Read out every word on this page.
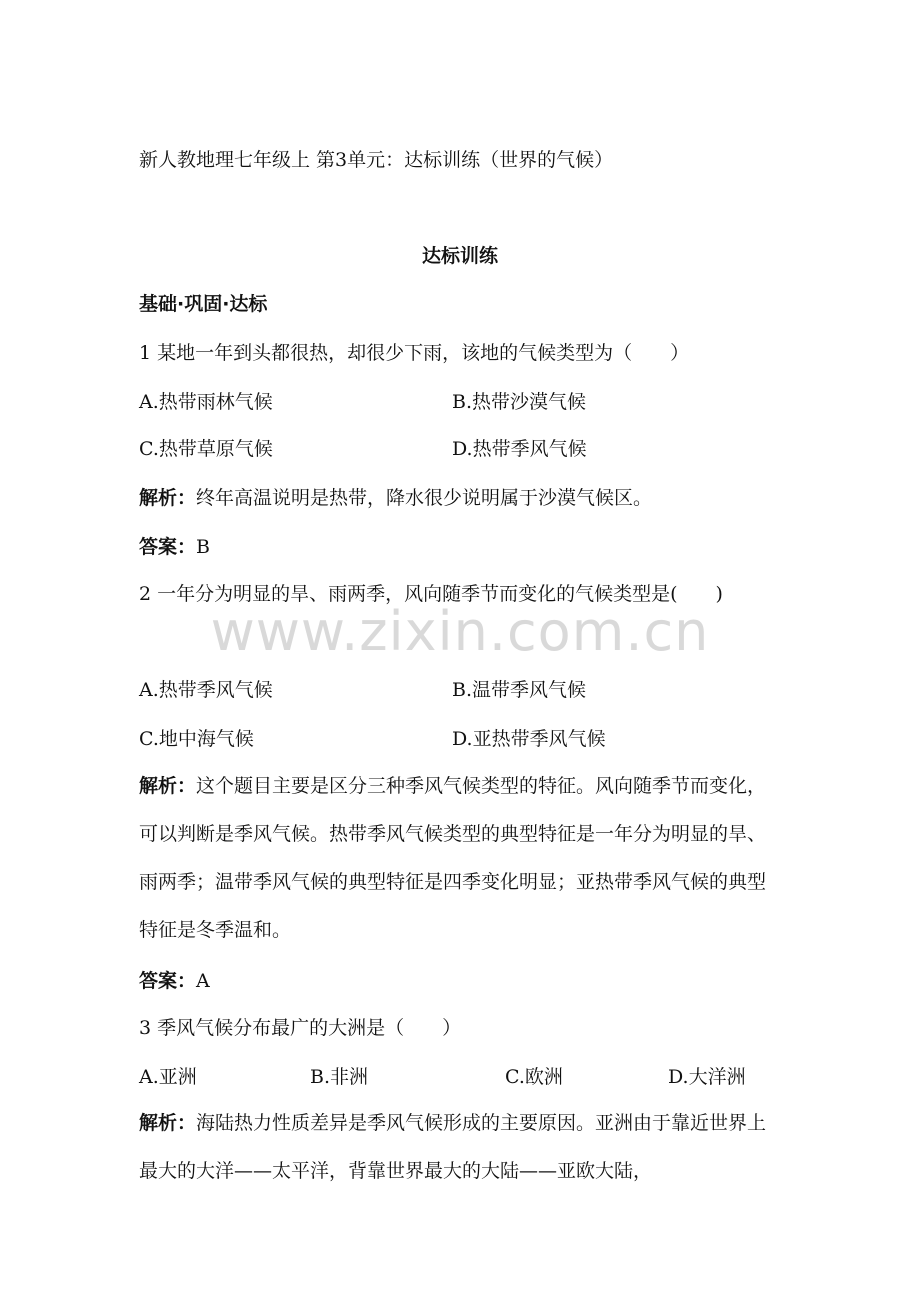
新人教地理七年级上 第3单元：达标训练（世界的气候）
达标训练
基础·巩固·达标
1 某地一年到头都很热，却很少下雨，该地的气候类型为（　　）
A.热带雨林气候	B.热带沙漠气候
C.热带草原气候	D.热带季风气候
解析：终年高温说明是热带，降水很少说明属于沙漠气候区。
答案：B
2 一年分为明显的旱、雨两季，风向随季节而变化的气候类型是(　　)
www.zixin.com.cn
A.热带季风气候	B.温带季风气候
C.地中海气候	D.亚热带季风气候
解析：这个题目主要是区分三种季风气候类型的特征。风向随季节而变化，可以判断是季风气候。热带季风气候类型的典型特征是一年分为明显的旱、雨两季；温带季风气候的典型特征是四季变化明显；亚热带季风气候的典型特征是冬季温和。
答案：A
3 季风气候分布最广的大洲是（　　）
A.亚洲	B.非洲	C.欧洲	D.大洋洲
解析：海陆热力性质差异是季风气候形成的主要原因。亚洲由于靠近世界上最大的大洋——太平洋，背靠世界最大的大陆——亚欧大陆，
